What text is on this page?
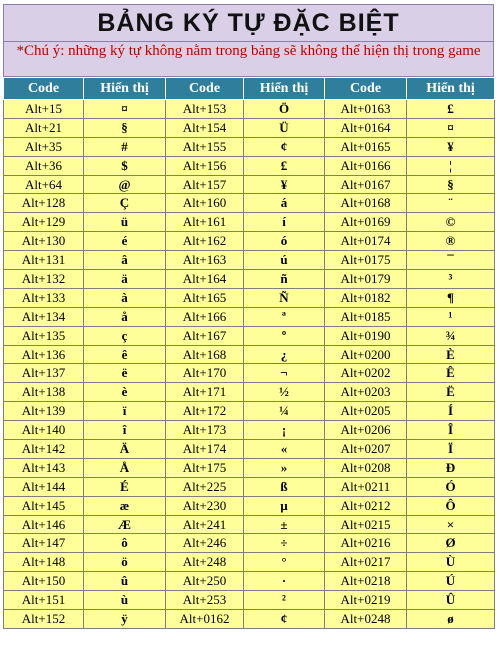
BẢNG KÝ TỰ ĐẶC BIỆT
*Chú ý: những ký tự không nằm trong bảng sẽ không thể hiện thị trong game
Code	Hiển thị	Code	Hiển thị	Code	Hiển thị
Alt+15	¤	Alt+153	Ö	Alt+0163	£
Alt+21	§	Alt+154	Ü	Alt+0164	¤
Alt+35	#	Alt+155	¢	Alt+0165	¥
Alt+36	$	Alt+156	£	Alt+0166	¦
Alt+64	@	Alt+157	¥	Alt+0167	§
Alt+128	Ç	Alt+160	á	Alt+0168	¨
Alt+129	ü	Alt+161	í	Alt+0169	©
Alt+130	é	Alt+162	ó	Alt+0174	®
Alt+131	â	Alt+163	ú	Alt+0175	¯
Alt+132	ä	Alt+164	ñ	Alt+0179	³
Alt+133	à	Alt+165	Ñ	Alt+0182	¶
Alt+134	å	Alt+166	ª	Alt+0185	¹
Alt+135	ç	Alt+167	º	Alt+0190	¾
Alt+136	ê	Alt+168	¿	Alt+0200	È
Alt+137	ë	Alt+170	¬	Alt+0202	Ê
Alt+138	è	Alt+171	½	Alt+0203	Ë
Alt+139	ï	Alt+172	¼	Alt+0205	Í
Alt+140	î	Alt+173	¡	Alt+0206	Î
Alt+142	Ä	Alt+174	«	Alt+0207	Ï
Alt+143	Å	Alt+175	»	Alt+0208	Ð
Alt+144	É	Alt+225	ß	Alt+0211	Ó
Alt+145	æ	Alt+230	µ	Alt+0212	Ô
Alt+146	Æ	Alt+241	±	Alt+0215	×
Alt+147	ô	Alt+246	÷	Alt+0216	Ø
Alt+148	ö	Alt+248	°	Alt+0217	Ù
Alt+150	û	Alt+250	·	Alt+0218	Ú
Alt+151	ù	Alt+253	²	Alt+0219	Û
Alt+152	ÿ	Alt+0162	¢	Alt+0248	ø
